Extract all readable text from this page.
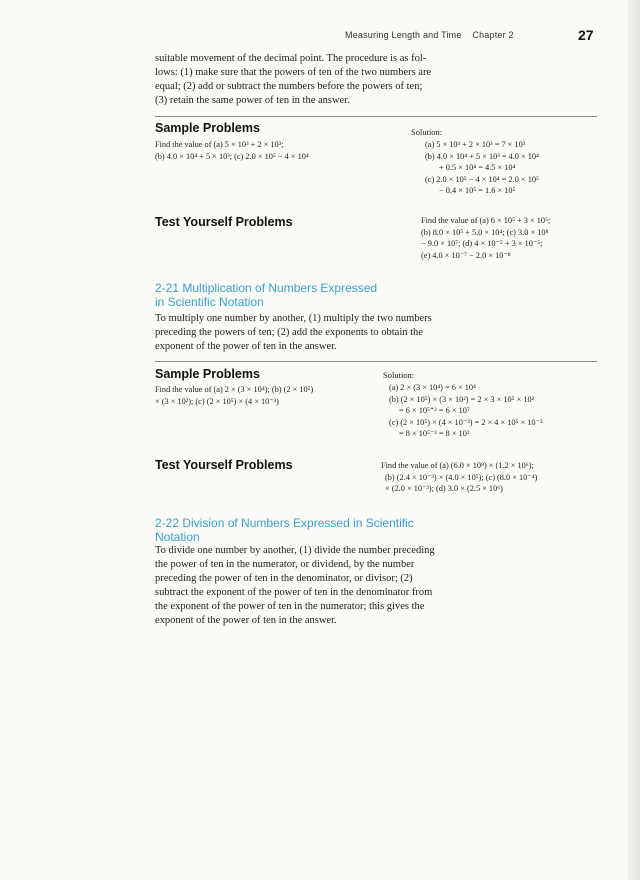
Measuring Length and Time Chapter 2	27
suitable movement of the decimal point. The procedure is as fol-
lows: (1) make sure that the powers of ten of the two numbers are
equal; (2) add or subtract the numbers before the powers of ten;
(3) retain the same power of ten in the answer.
Sample Problems
Find the value of (a) 5 × 10³ + 2 × 10³;
(b) 4.0 × 10⁴ + 5 × 10³; (c) 2.0 × 10⁵ − 4 × 10⁴
Solution:
(a) 5 × 10³ + 2 × 10³ = 7 × 10³
(b) 4.0 × 10⁴ + 5 × 10³ = 4.0 × 10⁴
+ 0.5 × 10⁴ = 4.5 × 10⁴
(c) 2.0 × 10⁵ − 4 × 10⁴ = 2.0 × 10⁵
− 0.4 × 10⁵ = 1.6 × 10⁵
Test Yourself Problems	Find the value of (a) 6 × 10⁵ + 3 × 10⁵;
(b) 8.0 × 10⁵ + 5.0 × 10⁴; (c) 3.0 × 10⁸
− 9.0 × 10⁷; (d) 4 × 10⁻⁵ + 3 × 10⁻⁵;
(e) 4.0 × 10⁻⁷ − 2.0 × 10⁻⁸
2-21 Multiplication of Numbers Expressed
in Scientific Notation
To multiply one number by another, (1) multiply the two numbers
preceding the powers of ten; (2) add the exponents to obtain the
exponent of the power of ten in the answer.
Sample Problems
Find the value of (a) 2 × (3 × 10⁴); (b) (2 × 10⁵)
× (3 × 10²); (c) (2 × 10⁵) × (4 × 10⁻³)
Solution:
(a) 2 × (3 × 10⁴) = 6 × 10⁴
(b) (2 × 10⁵) × (3 × 10²) = 2 × 3 × 10⁵ × 10²
= 6 × 10⁵⁺² = 6 × 10⁷
(c) (2 × 10⁵) × (4 × 10⁻³) = 2 × 4 × 10⁵ × 10⁻³
= 8 × 10⁵⁻³ = 8 × 10²
Test Yourself Problems	Find the value of (a) (6.0 × 10⁸) × (1.2 × 10⁶);
(b) (2.4 × 10⁻³) × (4.0 × 10⁵); (c) (8.0 × 10⁻⁴)
× (2.0 × 10⁻³); (d) 3.0 × (2.5 × 10⁶)
2-22 Division of Numbers Expressed in Scientific
Notation
To divide one number by another, (1) divide the number preceding
the power of ten in the numerator, or dividend, by the number
preceding the power of ten in the denominator, or divisor; (2)
subtract the exponent of the power of ten in the denominator from
the exponent of the power of ten in the numerator; this gives the
exponent of the power of ten in the answer.
